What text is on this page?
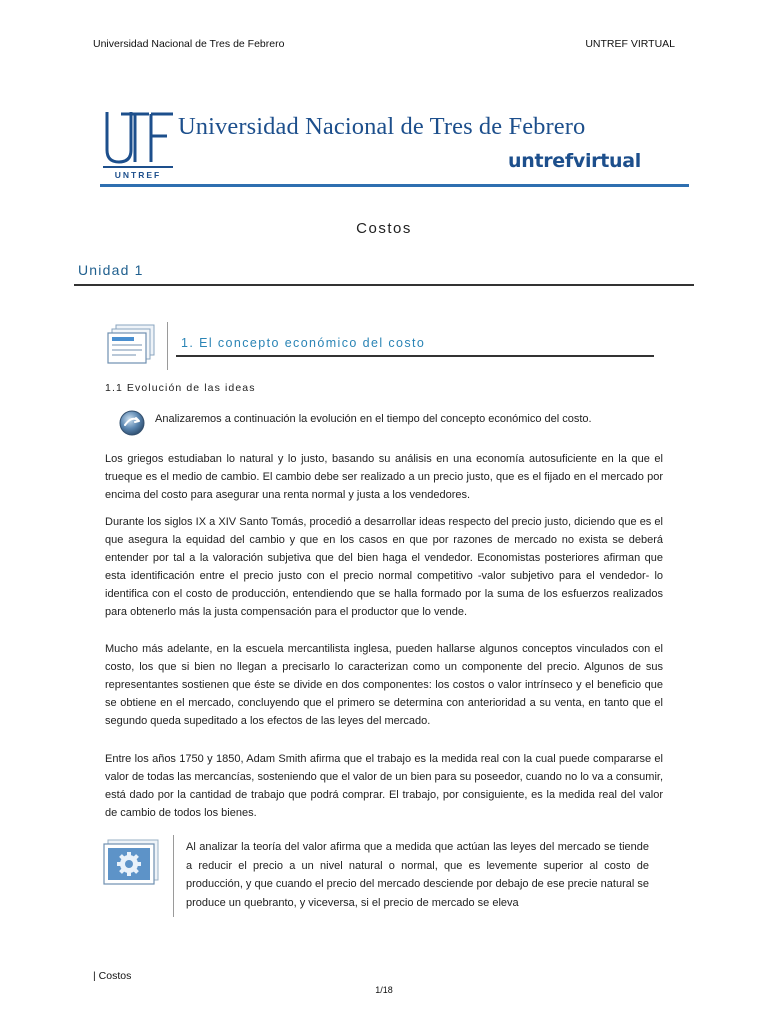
Universidad Nacional de Tres de Febrero	UNTREF VIRTUAL
UNTREF
Universidad Nacional de Tres de Febrero
untrefvirtual
Costos
Unidad 1
1. El concepto económico del costo
1.1 Evolución de las ideas
Analizaremos a continuación la evolución en el tiempo del concepto económico del costo.

Los griegos estudiaban lo natural y lo justo, basando su análisis en una economía autosuficiente en la que el trueque es el medio de cambio. El cambio debe ser realizado a un precio justo, que es el fijado en el mercado por encima del costo para asegurar una renta normal y justa a los vendedores.

Durante los siglos IX a XIV Santo Tomás, procedió a desarrollar ideas respecto del precio justo, diciendo que es el que asegura la equidad del cambio y que en los casos en que por razones de mercado no exista se deberá entender por tal a la valoración subjetiva que del bien haga el vendedor. Economistas posteriores afirman que esta identificación entre el precio justo con el precio normal competitivo -valor subjetivo para el vendedor- lo identifica con el costo de producción, entendiendo que se halla formado por la suma de los esfuerzos realizados para obtenerlo más la justa compensación para el productor que lo vende.

Mucho más adelante, en la escuela mercantilista inglesa, pueden hallarse algunos conceptos vinculados con el costo, los que si bien no llegan a precisarlo lo caracterizan como un componente del precio. Algunos de sus representantes sostienen que éste se divide en dos componentes: los costos o valor intrínseco y el beneficio que se obtiene en el mercado, concluyendo que el primero se determina con anterioridad a su venta, en tanto que el segundo queda supeditado a los efectos de las leyes del mercado.

Entre los años 1750 y 1850, Adam Smith afirma que el trabajo es la medida real con la cual puede compararse el valor de todas las mercancías, sosteniendo que el valor de un bien para su poseedor, cuando no lo va a consumir, está dado por la cantidad de trabajo que podrá comprar. El trabajo, por consiguiente, es la medida real del valor de cambio de todos los bienes.

Al analizar la teoría del valor afirma que a medida que actúan las leyes del mercado se tiende a reducir el precio a un nivel natural o normal, que es levemente superior al costo de producción, y que cuando el precio del mercado desciende por debajo de ese precie natural se produce un quebranto, y viceversa, si el precio de mercado se eleva

| Costos
1/18
